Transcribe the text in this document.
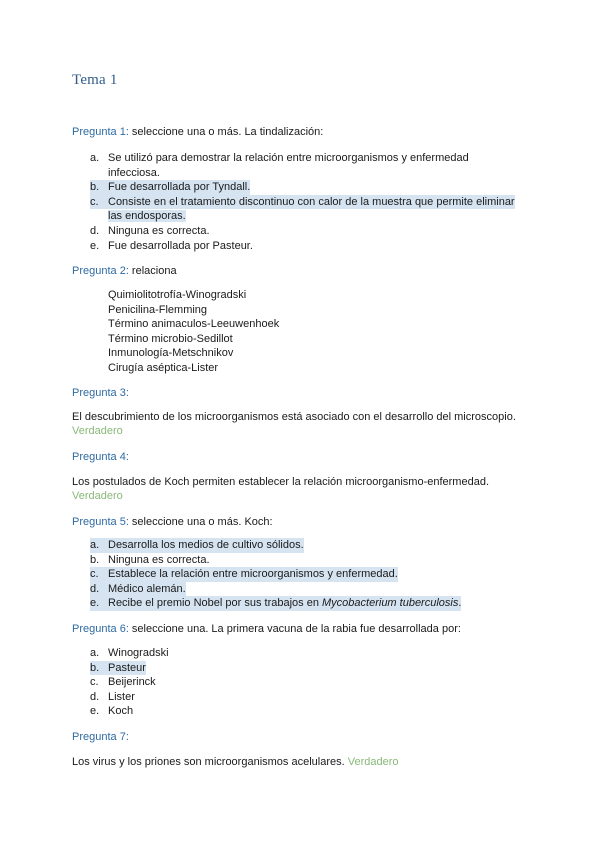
Tema 1
Pregunta 1: seleccione una o más. La tindalización:
a. Se utilizó para demostrar la relación entre microorganismos y enfermedad
infecciosa.
b. Fue desarrollada por Tyndall.
c. Consiste en el tratamiento discontinuo con calor de la muestra que permite eliminar
las endosporas.
d. Ninguna es correcta.
e. Fue desarrollada por Pasteur.
Pregunta 2: relaciona
Quimiolitotrofía-Winogradski
Penicilina-Flemming
Término animaculos-Leeuwenhoek
Término microbio-Sedillot
Inmunología-Metschnikov
Cirugía aséptica-Lister
Pregunta 3:
El descubrimiento de los microorganismos está asociado con el desarrollo del microscopio.
Verdadero
Pregunta 4:
Los postulados de Koch permiten establecer la relación microorganismo-enfermedad.
Verdadero
Pregunta 5: seleccione una o más. Koch:
a. Desarrolla los medios de cultivo sólidos.
b. Ninguna es correcta.
c. Establece la relación entre microorganismos y enfermedad.
d. Médico alemán.
e. Recibe el premio Nobel por sus trabajos en Mycobacterium tuberculosis.
Pregunta 6: seleccione una. La primera vacuna de la rabia fue desarrollada por:
a. Winogradski
b. Pasteur
c. Beijerinck
d. Lister
e. Koch
Pregunta 7:
Los virus y los priones son microorganismos acelulares. Verdadero
